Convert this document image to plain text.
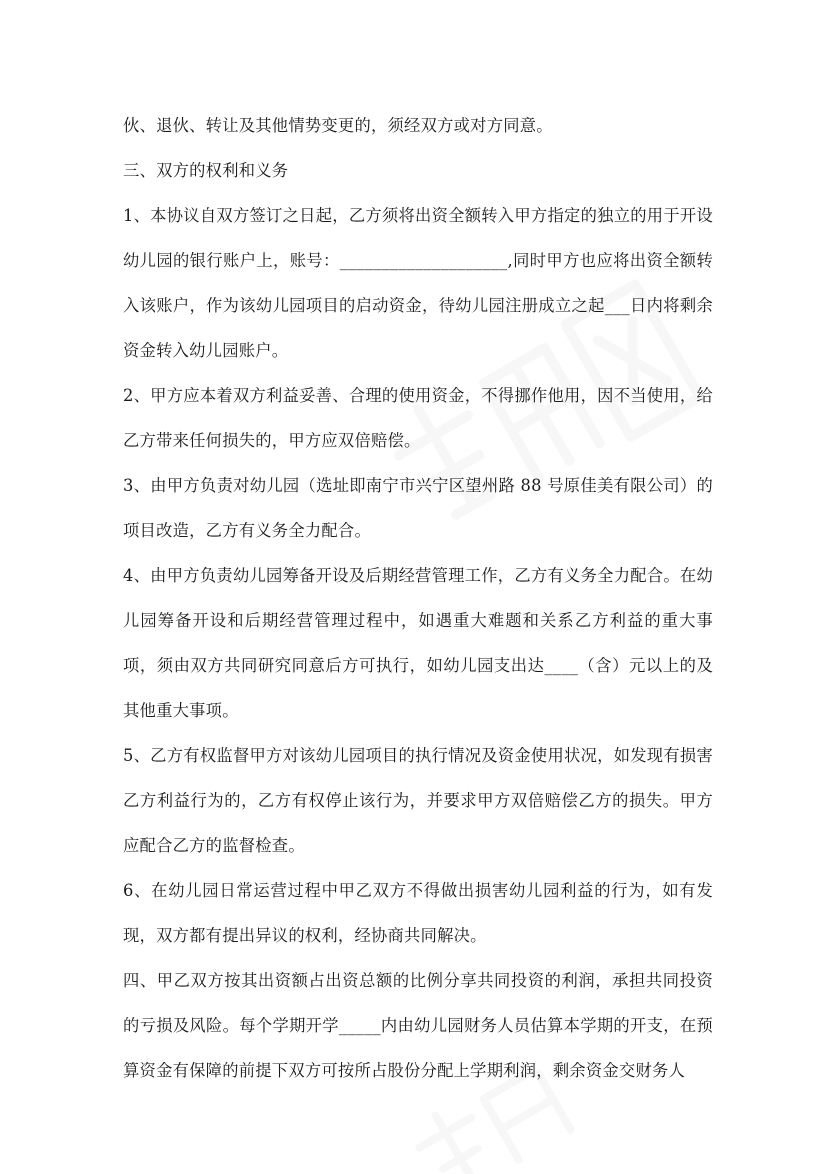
伙、退伙、转让及其他情势变更的，须经双方或对方同意。

三、双方的权利和义务

1、本协议自双方签订之日起，乙方须将出资全额转入甲方指定的独立的用于开设幼儿园的银行账户上，账号：____________________,同时甲方也应将出资全额转入该账户，作为该幼儿园项目的启动资金，待幼儿园注册成立之起___日内将剩余资金转入幼儿园账户。

2、甲方应本着双方利益妥善、合理的使用资金，不得挪作他用，因不当使用，给乙方带来任何损失的，甲方应双倍赔偿。

3、由甲方负责对幼儿园（选址即南宁市兴宁区望州路 88 号原佳美有限公司）的项目改造，乙方有义务全力配合。

4、由甲方负责幼儿园筹备开设及后期经营管理工作，乙方有义务全力配合。在幼儿园筹备开设和后期经营管理过程中，如遇重大难题和关系乙方利益的重大事项，须由双方共同研究同意后方可执行，如幼儿园支出达____（含）元以上的及其他重大事项。

5、乙方有权监督甲方对该幼儿园项目的执行情况及资金使用状况，如发现有损害乙方利益行为的，乙方有权停止该行为，并要求甲方双倍赔偿乙方的损失。甲方应配合乙方的监督检查。

6、在幼儿园日常运营过程中甲乙双方不得做出损害幼儿园利益的行为，如有发现，双方都有提出异议的权利，经协商共同解决。

四、甲乙双方按其出资额占出资总额的比例分享共同投资的利润，承担共同投资的亏损及风险。每个学期开学_____内由幼儿园财务人员估算本学期的开支，在预算资金有保障的前提下双方可按所占股份分配上学期利润，剩余资金交财务人
